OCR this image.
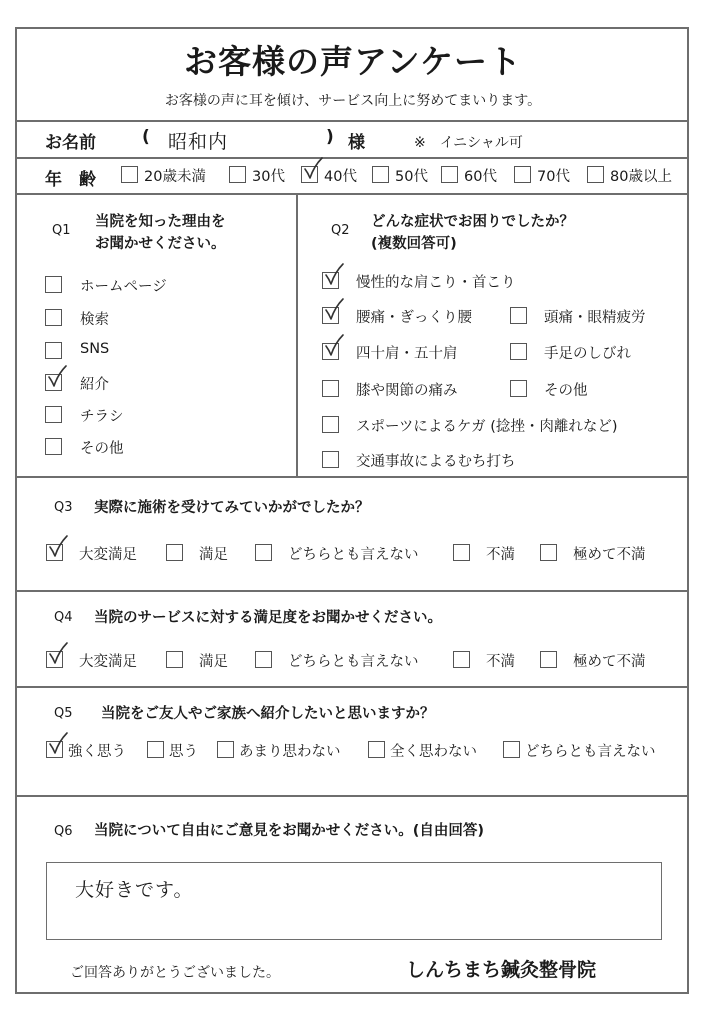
お客様の声アンケート
お客様の声に耳を傾け、サービス向上に努めてまいります。
お名前	( 昭和内	) 様	※　イニシャル可
年　齢
Q1
当院を知った理由を
お聞かせください。
Q2
どんな症状でお困りでしたか？
(複数回答可)
Q3 実際に施術を受けてみていかがでしたか？
Q4 当院のサービスに対する満足度をお聞かせください。
Q5 当院をご友人やご家族へ紹介したいと思いますか？
Q6 当院について自由にご意見をお聞かせください。(自由回答)
大好きです。
ご回答ありがとうございました。	しんちまち鍼灸整骨院
20歳未満	30代	40代	50代 60代	70代	80歳以上
ホームページ
検索
SNS
紹介
チラシ
その他
慢性的な肩こり・首こり
腰痛・ぎっくり腰	頭痛・眼精疲労
四十肩・五十肩	手足のしびれ
膝や関節の痛み	その他
スポーツによるケガ (捻挫・肉離れなど)
交通事故によるむち打ち
大変満足	満足	どちらとも言えない	不満	極めて不満
大変満足	満足	どちらとも言えない	不満	極めて不満
強く思う	思う	あまり思わない	全く思わない	どちらとも言えない
